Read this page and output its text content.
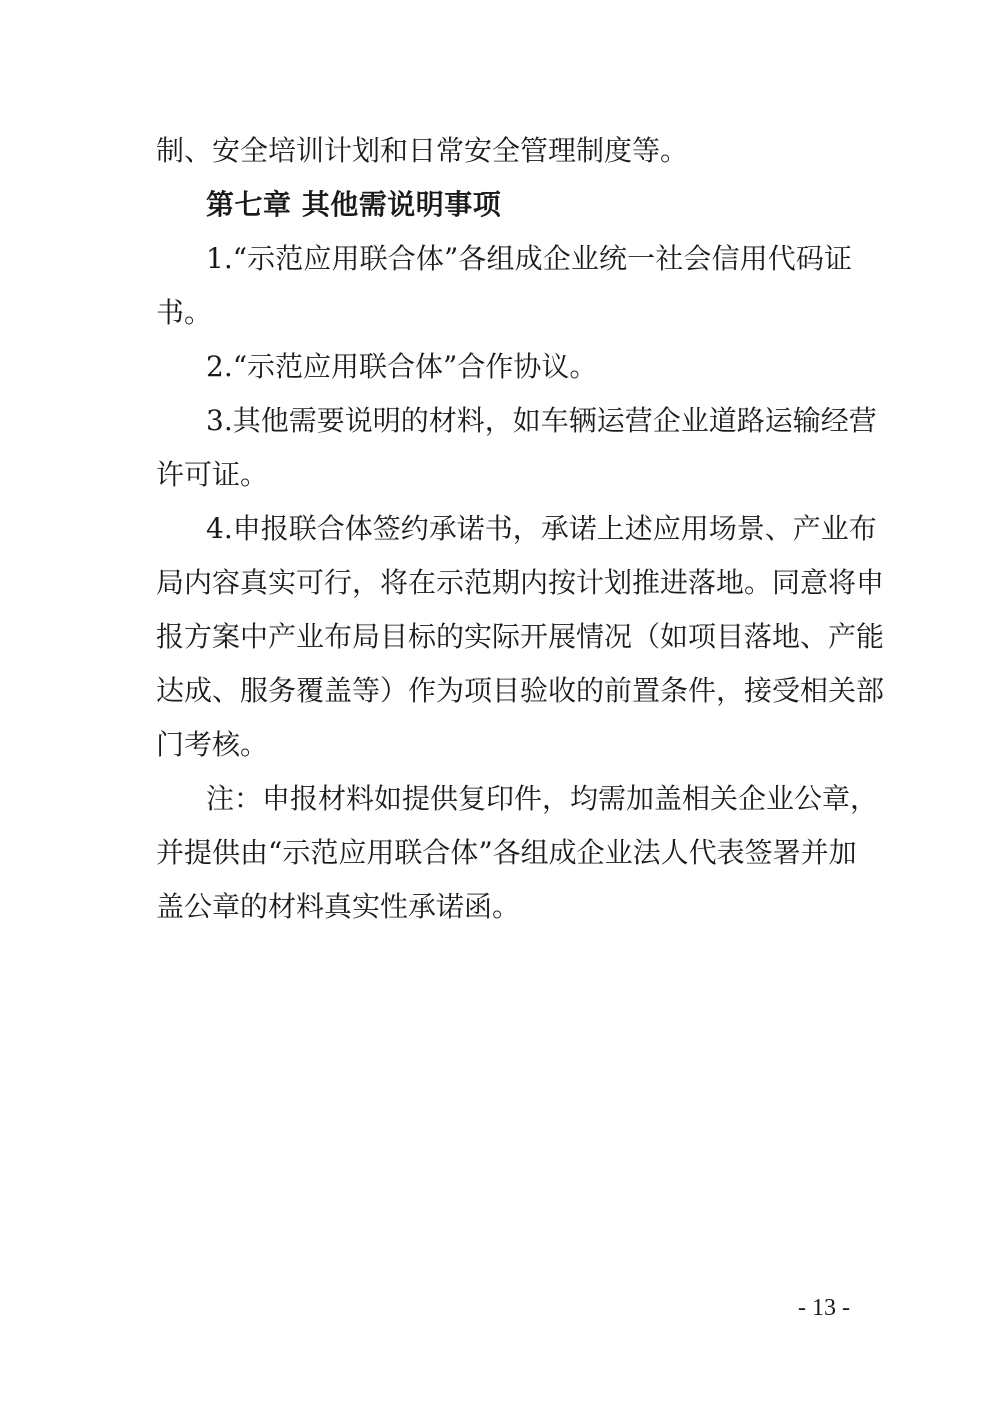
制、安全培训计划和日常安全管理制度等。
第七章 其他需说明事项
1.“示范应用联合体”各组成企业统一社会信用代码证
书。
2.“示范应用联合体”合作协议。
3.其他需要说明的材料，如车辆运营企业道路运输经营
许可证。
4.申报联合体签约承诺书，承诺上述应用场景、产业布
局内容真实可行，将在示范期内按计划推进落地。同意将申
报方案中产业布局目标的实际开展情况（如项目落地、产能
达成、服务覆盖等）作为项目验收的前置条件，接受相关部
门考核。
注：申报材料如提供复印件，均需加盖相关企业公章，
并提供由“示范应用联合体”各组成企业法人代表签署并加
盖公章的材料真实性承诺函。
- 13 -
